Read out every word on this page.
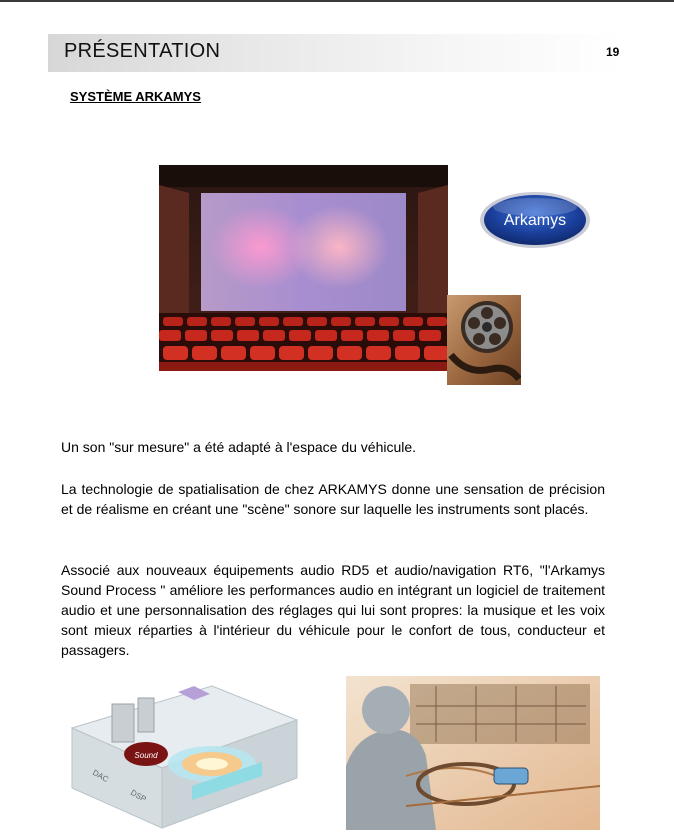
PRÉSENTATION	19
SYSTÈME ARKAMYS
Arkamys

Un son "sur mesure" a été adapté à l'espace du véhicule.

La technologie de spatialisation de chez ARKAMYS donne une sensation de précision et de réalisme en créant une "scène" sonore sur laquelle les instruments sont placés.

Associé aux nouveaux équipements audio RD5 et audio/navigation RT6, "l'Arkamys Sound Process " améliore les performances audio en intégrant un logiciel de traitement audio et une personnalisation des réglages qui lui sont propres: la musique et les voix sont mieux réparties à l'intérieur du véhicule pour le confort de tous, conducteur et passagers.

Sound
DAC
DSP
